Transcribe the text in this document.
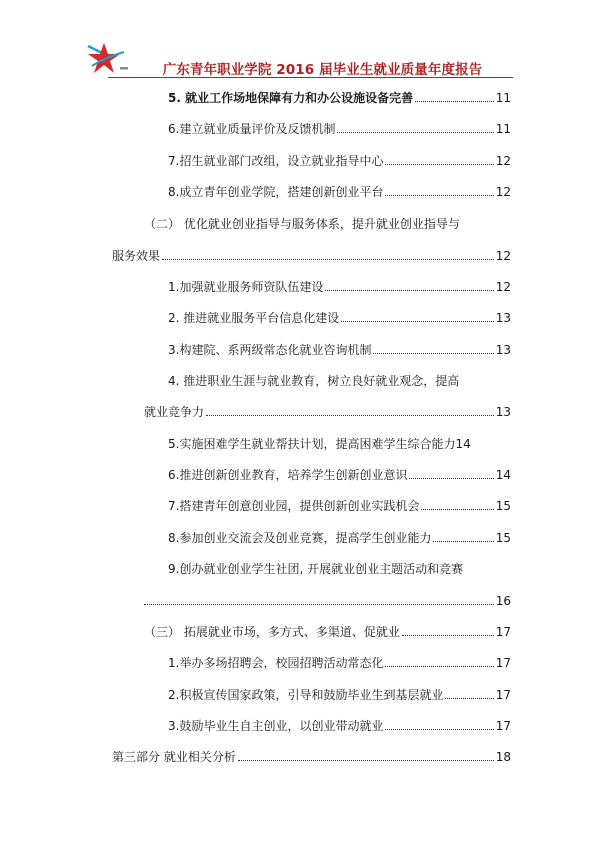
广东青年职业学院 2016 届毕业生就业质量年度报告
5. 就业工作场地保障有力和办公设施设备完善	11
6.建立就业质量评价及反馈机制	11
7.招生就业部门改组，设立就业指导中心	12
8.成立青年创业学院，搭建创新创业平台	12
（二） 优化就业创业指导与服务体系，提升就业创业指导与
服务效果	12
1.加强就业服务师资队伍建设	12
2. 推进就业服务平台信息化建设	13
3.构建院、系两级常态化就业咨询机制	13
4. 推进职业生涯与就业教育，树立良好就业观念，提高
就业竞争力	13
5.实施困难学生就业帮扶计划，提高困难学生综合能力 14
6.推进创新创业教育，培养学生创新创业意识	14
7.搭建青年创意创业园，提供创新创业实践机会	15
8.参加创业交流会及创业竞赛，提高学生创业能力	15
9.创办就业创业学生社团, 开展就业创业主题活动和竞赛
16
（三） 拓展就业市场，多方式、多渠道、促就业	17
1.举办多场招聘会，校园招聘活动常态化	17
2.积极宣传国家政策，引导和鼓励毕业生到基层就业	17
3.鼓励毕业生自主创业，以创业带动就业	17
第三部分 就业相关分析	18
